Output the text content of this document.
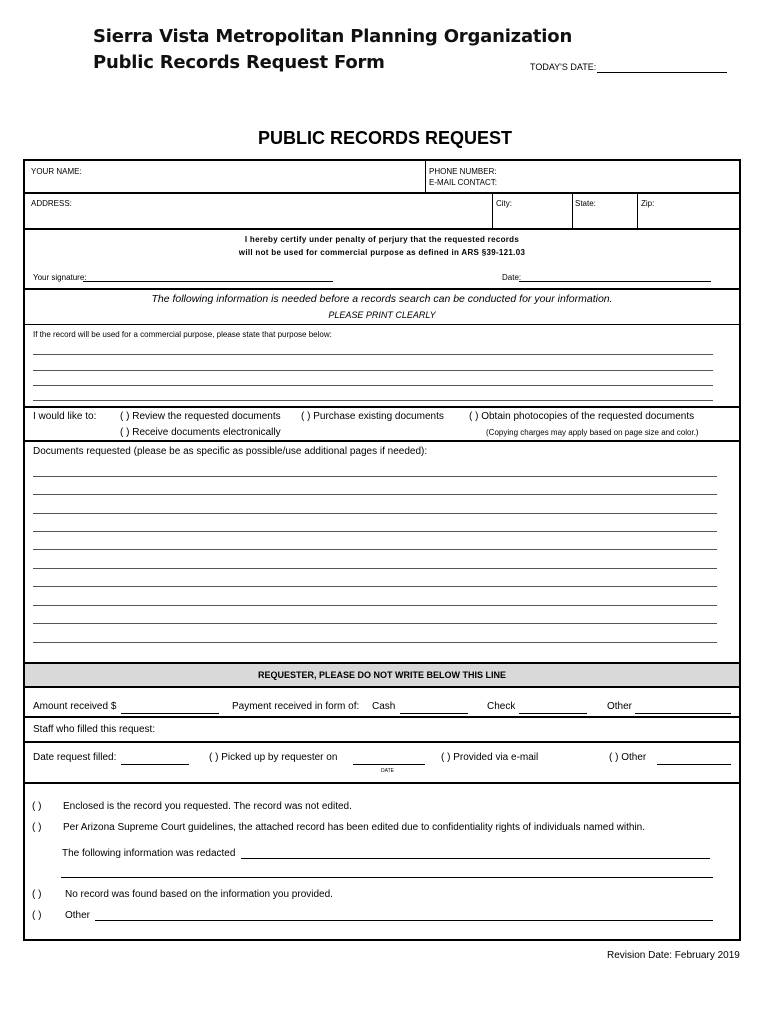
Sierra Vista Metropolitan Planning Organization
Public Records Request Form	TODAY'S DATE:
PUBLIC RECORDS REQUEST
YOUR NAME:	PHONE NUMBER:
E-MAIL CONTACT:
ADDRESS:	City:	State:	Zip:
I hereby certify under penalty of perjury that the requested records
will not be used for commercial purpose as defined in ARS §39-121.03
Your signature:	Date:
The following information is needed before a records search can be conducted for your information.
PLEASE PRINT CLEARLY
If the record will be used for a commercial purpose, please state that purpose below:
I would like to: ( ) Review the requested documents ( ) Purchase existing documents	( ) Obtain photocopies of the requested documents
( ) Receive documents electronically	(Copying charges may apply based on page size and color.)
Documents requested (please be as specific as possible/use additional pages if needed):
REQUESTER, PLEASE DO NOT WRITE BELOW THIS LINE
Amount received $	Payment received in form of: Cash	Check	Other
Staff who filled this request:
Date request filled:	( ) Picked up by requester on
DATE
( ) Provided via e-mail	( ) Other
( ) Enclosed is the record you requested. The record was not edited.
( ) Per Arizona Supreme Court guidelines, the attached record has been edited due to confidentiality rights of individuals named within.
The following information was redacted
( ) No record was found based on the information you provided.
( ) Other
Revision Date: February 2019
